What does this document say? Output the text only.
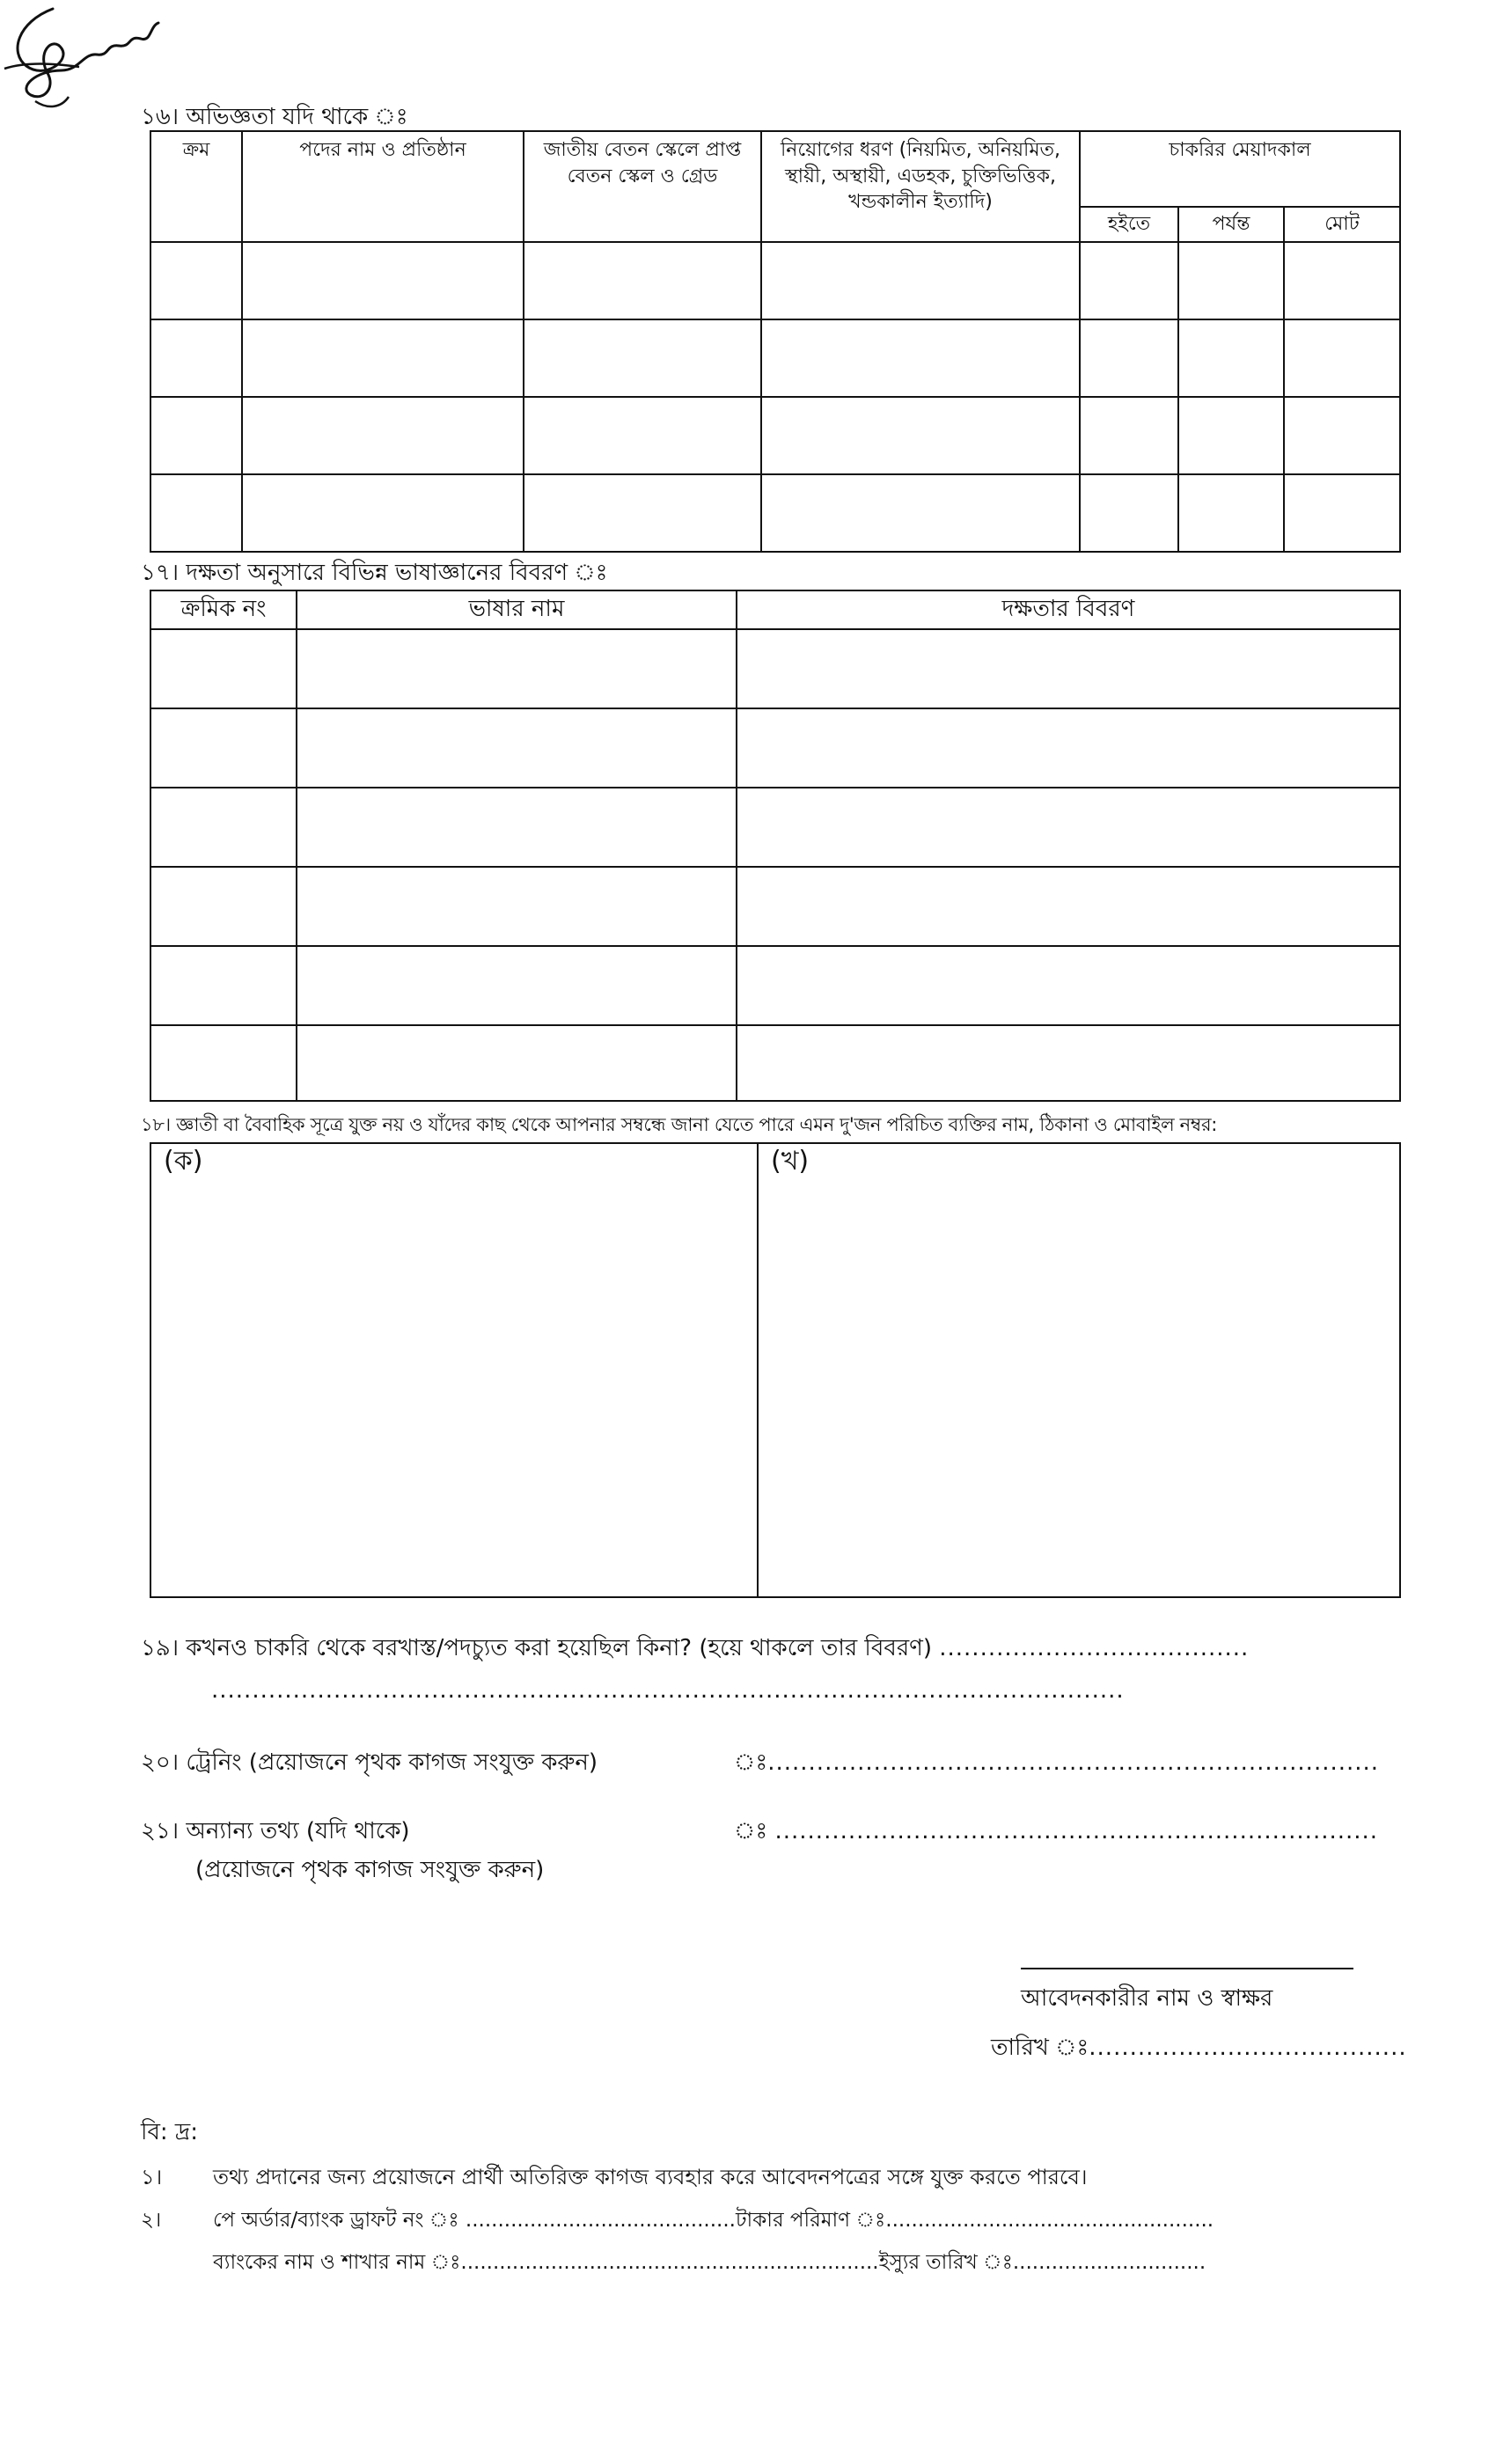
১৬। অভিজ্ঞতা যদি থাকে ঃ
ক্রম	পদের নাম ও প্রতিষ্ঠান	জাতীয় বেতন স্কেলে প্রাপ্ত বেতন স্কেল ও গ্রেড	নিয়োগের ধরণ (নিয়মিত, অনিয়মিত, স্থায়ী, অস্থায়ী, এডহক, চুক্তিভিত্তিক, খন্ডকালীন ইত্যাদি)	চাকরির মেয়াদকাল		
				হইতে	পর্যন্ত	মোট

১৭। দক্ষতা অনুসারে বিভিন্ন ভাষাজ্ঞানের বিবরণ ঃ
ক্রমিক নং	ভাষার নাম	দক্ষতার বিবরণ

১৮। জ্ঞাতী বা বৈবাহিক সূত্রে যুক্ত নয় ও যাঁদের কাছ থেকে আপনার সম্বন্ধে জানা যেতে পারে এমন দু'জন পরিচিত ব্যক্তির নাম, ঠিকানা ও মোবাইল নম্বর:
(ক)	(খ)
১৯। কখনও চাকরি থেকে বরখাস্ত/পদচ্যুত করা হয়েছিল কিনা? (হয়ে থাকলে তার বিবরণ) ......................................
................................................................................................................
২০। ট্রেনিং (প্রয়োজনে পৃথক কাগজ সংযুক্ত করুন)	ঃ...........................................................................
২১। অন্যান্য তথ্য (যদি থাকে)
(প্রয়োজনে পৃথক কাগজ সংযুক্ত করুন)
ঃ ..........................................................................
আবেদনকারীর নাম ও স্বাক্ষর
তারিখ ঃ.......................................
বি: দ্র:
১। তথ্য প্রদানের জন্য প্রয়োজনে প্রার্থী অতিরিক্ত কাগজ ব্যবহার করে আবেদনপত্রের সঙ্গে যুক্ত করতে পারবে।
২।	পে অর্ডার/ব্যাংক ড্রাফট নং ঃ ..........................................টাকার পরিমাণ ঃ...................................................
ব্যাংকের নাম ও শাখার নাম ঃ.................................................................ইস্যুর তারিখ ঃ..............................
